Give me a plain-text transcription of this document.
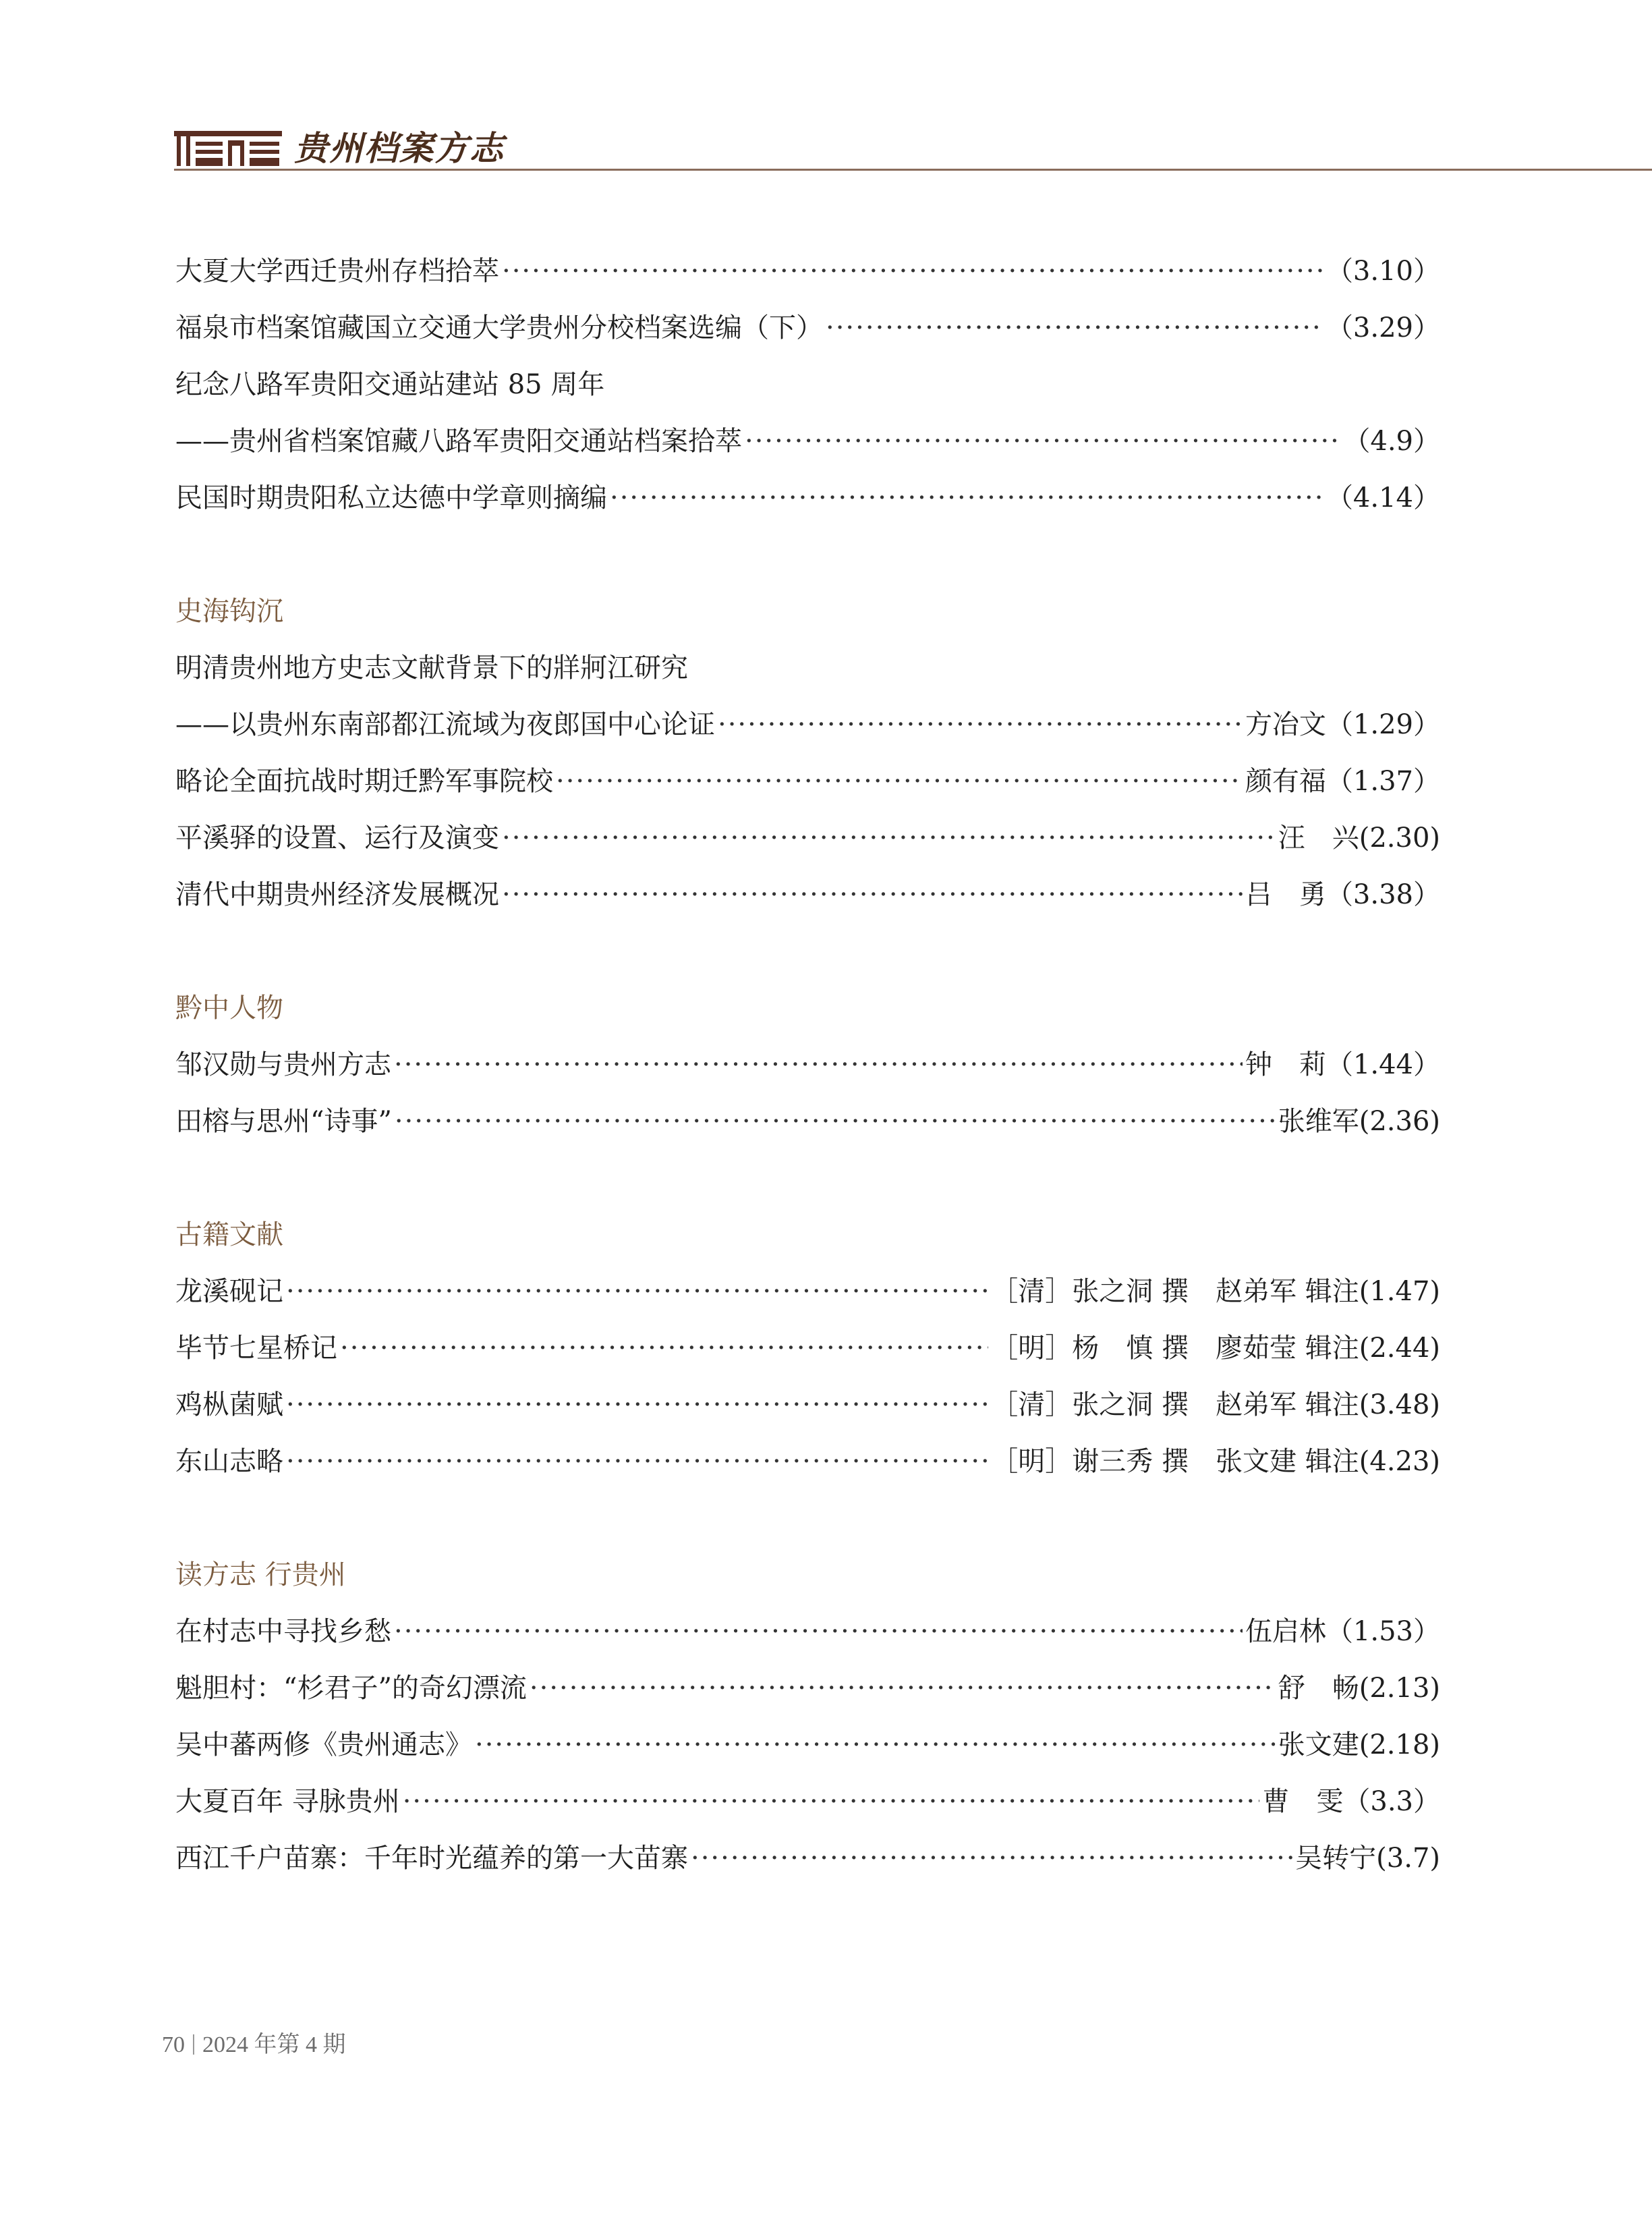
贵州档案方志
大夏大学西迁贵州存档拾萃 ·····	（3.10）
福泉市档案馆藏国立交通大学贵州分校档案选编（下） ·····	（3.29）
纪念八路军贵阳交通站建站 85 周年
——贵州省档案馆藏八路军贵阳交通站档案拾萃 ·····	（4.9）
民国时期贵阳私立达德中学章则摘编 ·····	（4.14）
史海钩沉
明清贵州地方史志文献背景下的牂牁江研究
——以贵州东南部都江流域为夜郎国中心论证 ·····	方冶文 （1.29）
略论全面抗战时期迁黔军事院校 ·····	颜有福 （1.37）
平溪驿的设置、运行及演变 ·····	汪　兴 (2.30)
清代中期贵州经济发展概况 ·····	吕　勇 （3.38）
黔中人物
邹汉勋与贵州方志 ·····	钟　莉 （1.44）
田榕与思州“诗事” ·····	张维军 (2.36)
古籍文献
龙溪砚记 ·····	［清］张之洞 撰　赵弟军 辑注 (1.47)
毕节七星桥记 ·····	［明］杨　慎 撰　廖茹莹 辑注 (2.44)
鸡枞菌赋 ·····	［清］张之洞 撰　赵弟军 辑注 (3.48)
东山志略 ·····	［明］谢三秀 撰　张文建 辑注 (4.23)
读方志 行贵州
在村志中寻找乡愁 ·····	伍启林 （1.53）
魁胆村：“杉君子”的奇幻漂流 ·····	舒　畅 (2.13)
吴中蕃两修《贵州通志》 ·····	张文建 (2.18)
大夏百年 寻脉贵州 ·····	曹　雯 （3.3）
西江千户苗寨：千年时光蕴养的第一大苗寨 ·····	吴转宁 (3.7)
70 2024 年第 4 期
